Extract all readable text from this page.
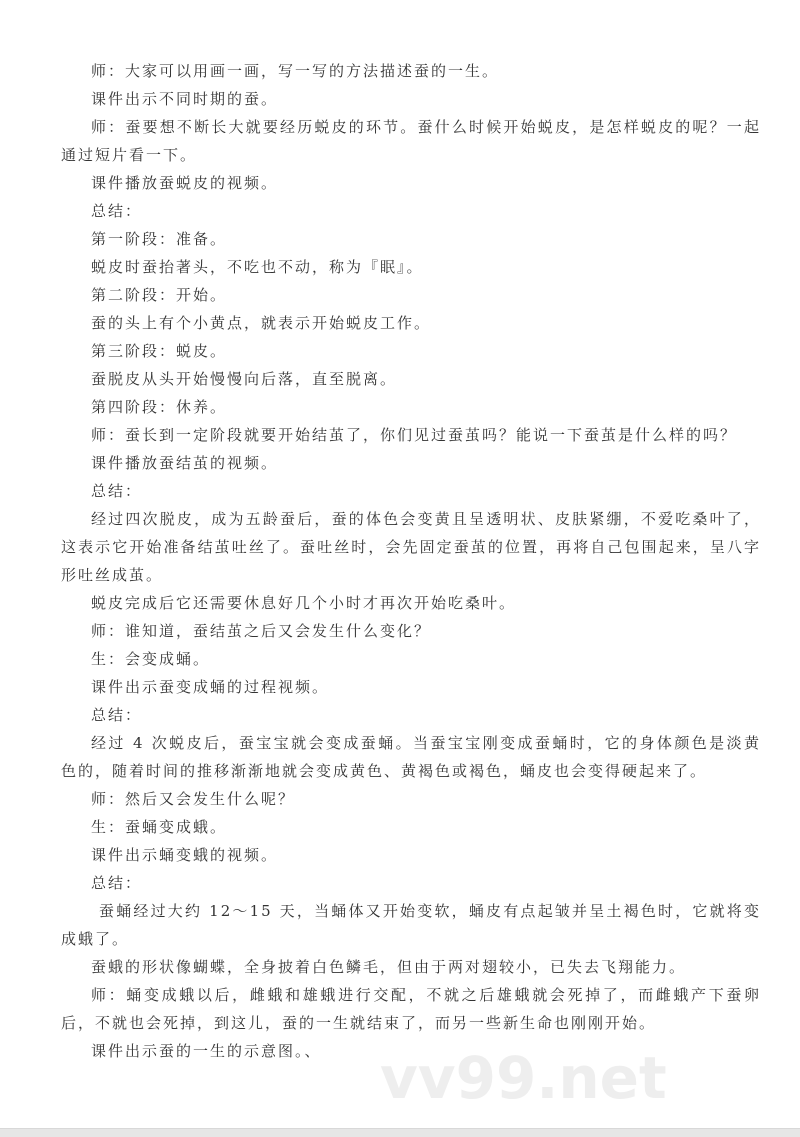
师：大家可以用画一画，写一写的方法描述蚕的一生。

课件出示不同时期的蚕。

师：蚕要想不断长大就要经历蜕皮的环节。蚕什么时候开始蜕皮，是怎样蜕皮的呢？一起通过短片看一下。

课件播放蚕蜕皮的视频。

总结：

第一阶段：准备。

蜕皮时蚕抬著头，不吃也不动，称为『眠』。

第二阶段：开始。

蚕的头上有个小黄点，就表示开始蜕皮工作。

第三阶段：蜕皮。

蚕脱皮从头开始慢慢向后落，直至脱离。

第四阶段：休养。

师：蚕长到一定阶段就要开始结茧了，你们见过蚕茧吗？能说一下蚕茧是什么样的吗？

课件播放蚕结茧的视频。

总结：

经过四次脱皮，成为五龄蚕后，蚕的体色会变黄且呈透明状、皮肤紧绷，不爱吃桑叶了，这表示它开始准备结茧吐丝了。蚕吐丝时，会先固定蚕茧的位置，再将自己包围起来，呈八字形吐丝成茧。

蜕皮完成后它还需要休息好几个小时才再次开始吃桑叶。

师：谁知道，蚕结茧之后又会发生什么变化？

生：会变成蛹。

课件出示蚕变成蛹的过程视频。

总结：

经过 4 次蜕皮后，蚕宝宝就会变成蚕蛹。当蚕宝宝刚变成蚕蛹时，它的身体颜色是淡黄色的，随着时间的推移渐渐地就会变成黄色、黄褐色或褐色，蛹皮也会变得硬起来了。

师：然后又会发生什么呢？

生：蚕蛹变成蛾。

课件出示蛹变蛾的视频。

总结：

蚕蛹经过大约 12～15 天，当蛹体又开始变软，蛹皮有点起皱并呈土褐色时，它就将变成蛾了。

蚕蛾的形状像蝴蝶，全身披着白色鳞毛，但由于两对翅较小，已失去飞翔能力。

师：蛹变成蛾以后，雌蛾和雄蛾进行交配，不就之后雄蛾就会死掉了，而雌蛾产下蚕卵后，不就也会死掉，到这儿，蚕的一生就结束了，而另一些新生命也刚刚开始。

课件出示蚕的一生的示意图。、	vv99.net
